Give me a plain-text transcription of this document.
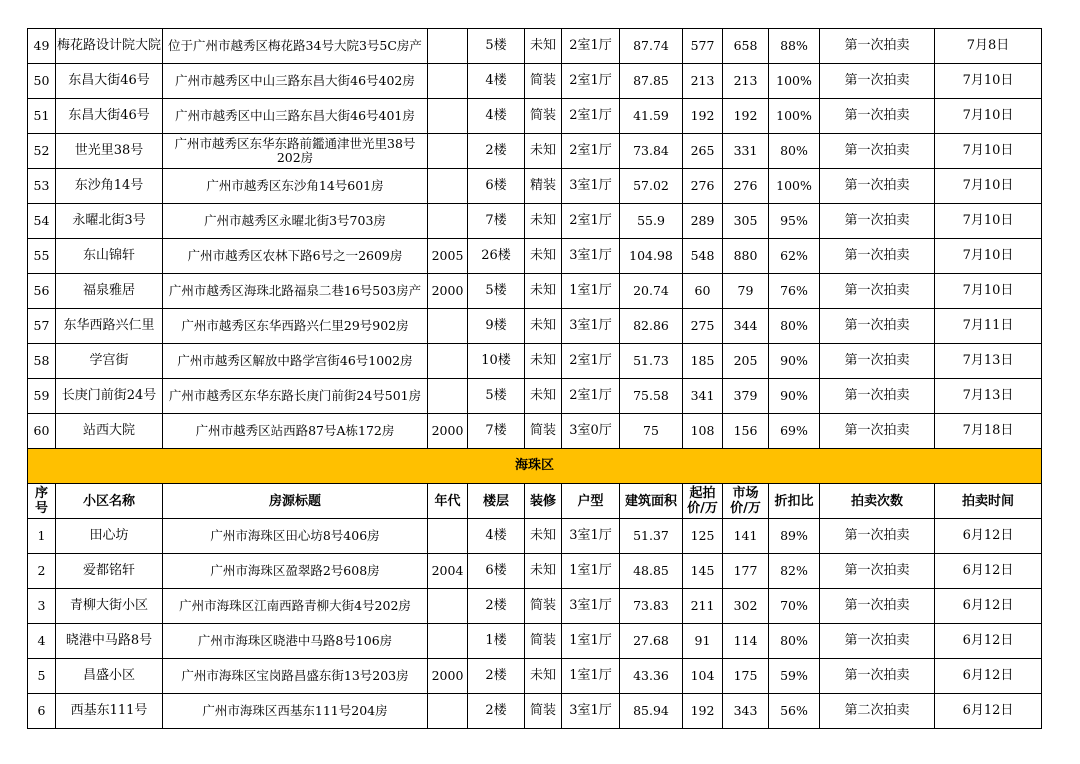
49	梅花路设计院大院	位于广州市越秀区梅花路34号大院3号5C房产		5楼	未知	2室1厅	87.74	577	658	88%	第一次拍卖	7月8日
50	东昌大街46号	广州市越秀区中山三路东昌大街46号402房		4楼	简装	2室1厅	87.85	213	213	100%	第一次拍卖	7月10日
51	东昌大街46号	广州市越秀区中山三路东昌大街46号401房		4楼	简装	2室1厅	41.59	192	192	100%	第一次拍卖	7月10日
52	世光里38号	广州市越秀区东华东路前鑑通津世光里38号202房		2楼	未知	2室1厅	73.84	265	331	80%	第一次拍卖	7月10日
53	东沙角14号	广州市越秀区东沙角14号601房		6楼	精装	3室1厅	57.02	276	276	100%	第一次拍卖	7月10日
54	永曜北街3号	广州市越秀区永曜北街3号703房		7楼	未知	2室1厅	55.9	289	305	95%	第一次拍卖	7月10日
55	东山锦轩	广州市越秀区农林下路6号之一2609房	2005	26楼	未知	3室1厅	104.98	548	880	62%	第一次拍卖	7月10日
56	福泉雅居	广州市越秀区海珠北路福泉二巷16号503房产	2000	5楼	未知	1室1厅	20.74	60	79	76%	第一次拍卖	7月10日
57	东华西路兴仁里	广州市越秀区东华西路兴仁里29号902房		9楼	未知	3室1厅	82.86	275	344	80%	第一次拍卖	7月11日
58	学宫街	广州市越秀区解放中路学宫街46号1002房		10楼	未知	2室1厅	51.73	185	205	90%	第一次拍卖	7月13日
59	长庚门前街24号	广州市越秀区东华东路长庚门前街24号501房		5楼	未知	2室1厅	75.58	341	379	90%	第一次拍卖	7月13日
60	站西大院	广州市越秀区站西路87号A栋172房	2000	7楼	简装	3室0厅	75	108	156	69%	第一次拍卖	7月18日
海珠区												
序号	小区名称	房源标题	年代	楼层	装修	户型	建筑面积	起拍价/万	市场价/万	折扣比	拍卖次数	拍卖时间
1	田心坊	广州市海珠区田心坊8号406房		4楼	未知	3室1厅	51.37	125	141	89%	第一次拍卖	6月12日
2	爱都铭轩	广州市海珠区盈翠路2号608房	2004	6楼	未知	1室1厅	48.85	145	177	82%	第一次拍卖	6月12日
3	青柳大街小区	广州市海珠区江南西路青柳大街4号202房		2楼	简装	3室1厅	73.83	211	302	70%	第一次拍卖	6月12日
4	晓港中马路8号	广州市海珠区晓港中马路8号106房		1楼	简装	1室1厅	27.68	91	114	80%	第一次拍卖	6月12日
5	昌盛小区	广州市海珠区宝岗路昌盛东街13号203房	2000	2楼	未知	1室1厅	43.36	104	175	59%	第一次拍卖	6月12日
6	西基东111号	广州市海珠区西基东111号204房		2楼	简装	3室1厅	85.94	192	343	56%	第二次拍卖	6月12日
